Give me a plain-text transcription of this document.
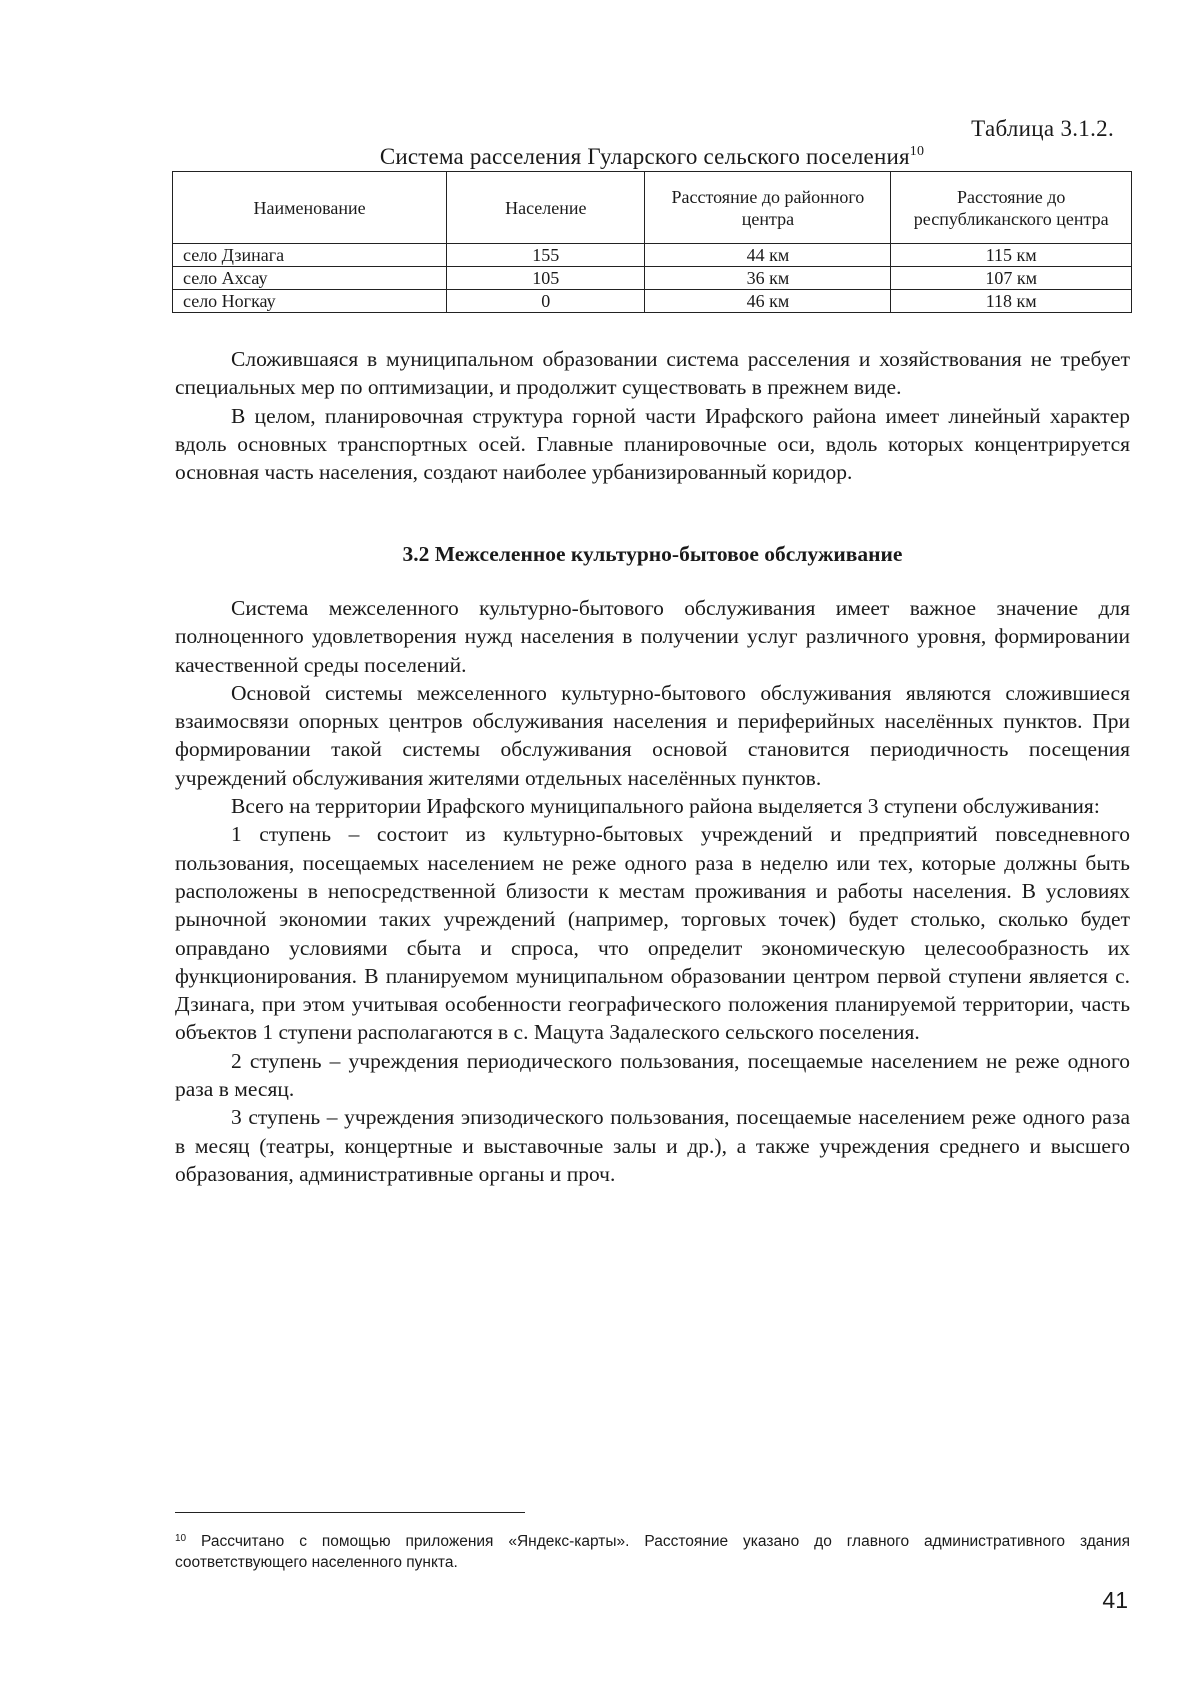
Таблица 3.1.2.
Система расселения Гуларского сельского поселения$^{10}$
Наименование	Население	Расстояние до районного центра	Расстояние до республиканского центра
село Дзинага	155	44 км	115 км
село Ахсау	105	36 км	107 км
село Ногкау	0	46 км	118 км

Сложившаяся в муниципальном образовании система расселения и хозяйствования не требует специальных мер по оптимизации, и продолжит существовать в прежнем виде.

В целом, планировочная структура горной части Ирафского района имеет линейный характер вдоль основных транспортных осей. Главные планировочные оси, вдоль которых концентрируется основная часть населения, создают наиболее урбанизированный коридор.

3.2 Межселенное культурно-бытовое обслуживание

Система межселенного культурно-бытового обслуживания имеет важное значение для полноценного удовлетворения нужд населения в получении услуг различного уровня, формировании качественной среды поселений.

Основой системы межселенного культурно-бытового обслуживания являются сложившиеся взаимосвязи опорных центров обслуживания населения и периферийных населённых пунктов. При формировании такой системы обслуживания основой становится периодичность посещения учреждений обслуживания жителями отдельных населённых пунктов.

Всего на территории Ирафского муниципального района выделяется 3 ступени обслуживания:

1 ступень – состоит из культурно-бытовых учреждений и предприятий повседневного пользования, посещаемых населением не реже одного раза в неделю или тех, которые должны быть расположены в непосредственной близости к местам проживания и работы населения. В условиях рыночной экономии таких учреждений (например, торговых точек) будет столько, сколько будет оправдано условиями сбыта и спроса, что определит экономическую целесообразность их функционирования. В планируемом муниципальном образовании центром первой ступени является с. Дзинага, при этом учитывая особенности географического положения планируемой территории, часть объектов 1 ступени располагаются в с. Мацута Задалеского сельского поселения.

2 ступень – учреждения периодического пользования, посещаемые населением не реже одного раза в месяц.

3 ступень – учреждения эпизодического пользования, посещаемые населением реже одного раза в месяц (театры, концертные и выставочные залы и др.), а также учреждения среднего и высшего образования, административные органы и проч.

$^{10}$ Рассчитано с помощью приложения «Яндекс-карты». Расстояние указано до главного административного здания соответствующего населенного пункта.
41
